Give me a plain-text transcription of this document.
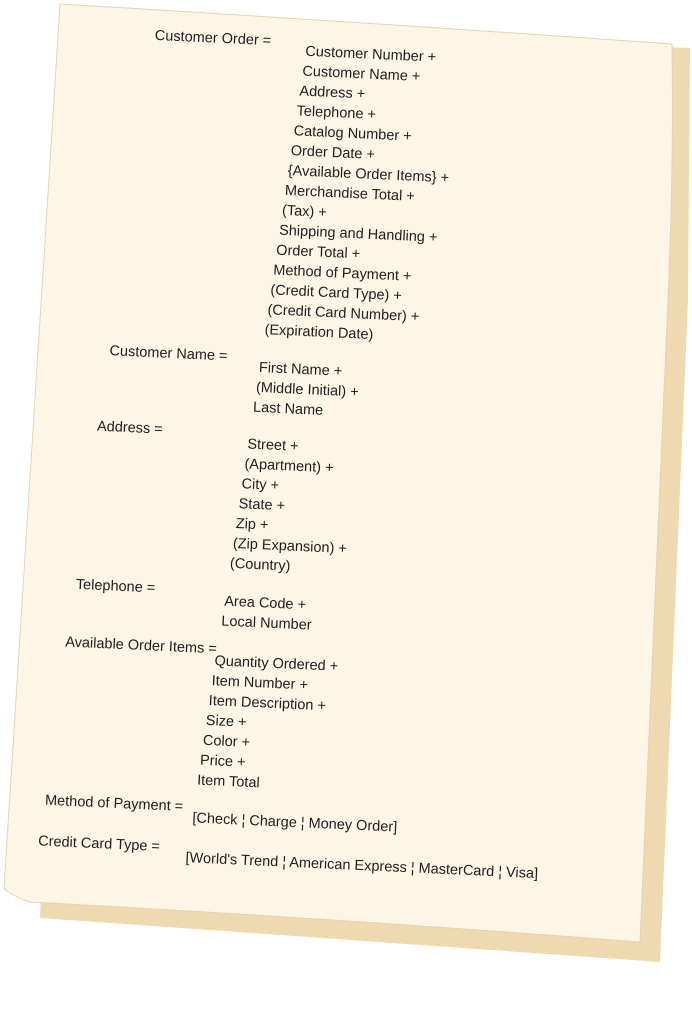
Customer Order =
Customer Number +
Customer Name +
Address +
Telephone +
Catalog Number +
Order Date +
{Available Order Items} +
Merchandise Total +
(Tax) +
Shipping and Handling +
Order Total +
Method of Payment +
(Credit Card Type) +
(Credit Card Number) +
(Expiration Date)
Customer Name =
First Name +
(Middle Initial) +
Last Name
Address =
Street +
(Apartment) +
City +
State +
Zip +
(Zip Expansion) +
(Country)
Telephone =
Area Code +
Local Number
Available Order Items =
Quantity Ordered +
Item Number +
Item Description +
Size +
Color +
Price +
Item Total
Method of Payment =
[Check ¦ Charge ¦ Money Order]
Credit Card Type =
[World's Trend ¦ American Express ¦ MasterCard ¦ Visa]
